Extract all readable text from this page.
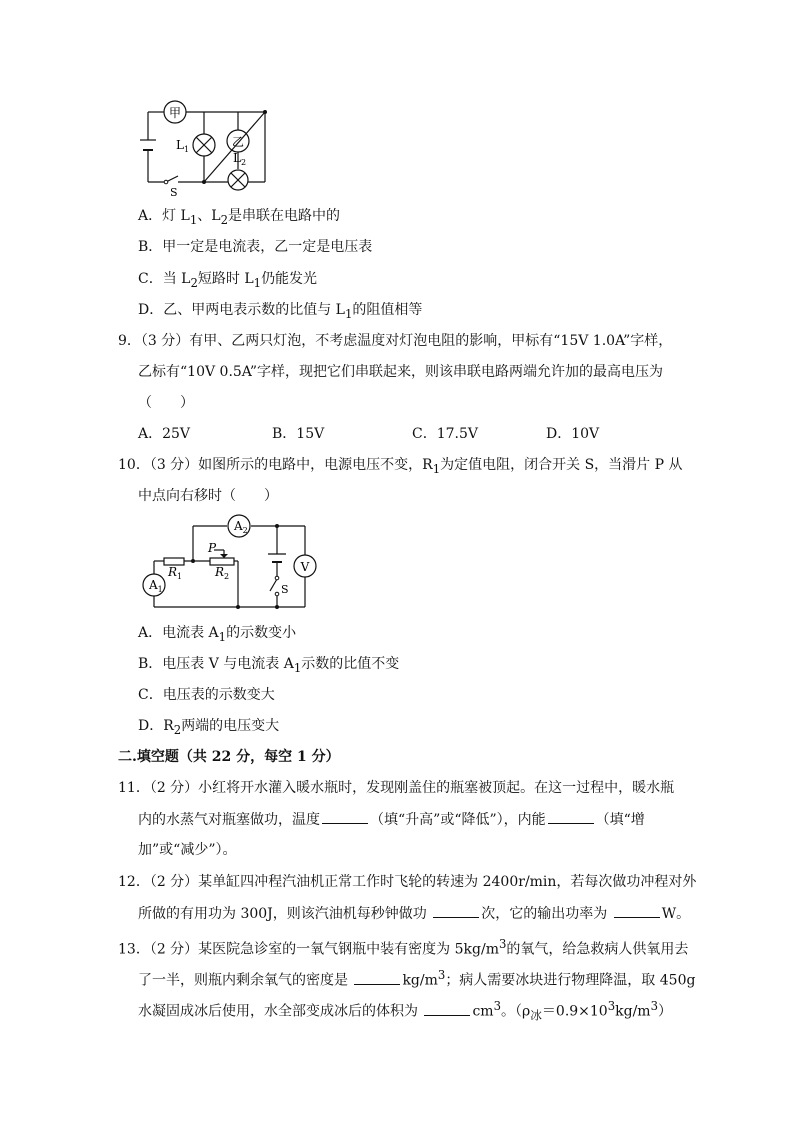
甲
乙
$L_1$
$L_2$
S
A．灯 $L_1$、$L_2$是串联在电路中的
B．甲一定是电流表，乙一定是电压表
C．当 $L_2$短路时 $L_1$仍能发光
D．乙、甲两电表示数的比值与 $L_1$的阻值相等
9．（3 分）有甲、乙两只灯泡，不考虑温度对灯泡电阻的影响，甲标有“15V 1.0A”字样，
乙标有“10V 0.5A”字样，现把它们串联起来，则该串联电路两端允许加的最高电压为
（　　）
A．25V	B．15V	C．17.5V	D．10V
10．（3 分）如图所示的电路中，电源电压不变，$R_1$为定值电阻，闭合开关 S，当滑片 P 从
中点向右移时（　　）
$A_2$
$A_1$
V
$R_1$	$R_2$
P
S
A．电流表 $A_1$的示数变小
B．电压表 V 与电流表 $A_1$示数的比值不变
C．电压表的示数变大
D．$R_2$两端的电压变大
二.填空题（共 22 分，每空 1 分）
11．（2 分）小红将开水灌入暖水瓶时，发现刚盖住的瓶塞被顶起。在这一过程中，暖水瓶
内的水蒸气对瓶塞做功，温度	（填“升高”或“降低”），内能	（填“增
加”或“减少”）。
12．（2 分）某单缸四冲程汽油机正常工作时飞轮的转速为 2400r/min，若每次做功冲程对外
所做的有用功为 300J，则该汽油机每秒钟做功	次，它的输出功率为	W。
13．（2 分）某医院急诊室的一氧气钢瓶中装有密度为 $5kg/m^3$的氧气，给急救病人供氧用去
了一半，则瓶内剩余氧气的密度是	$kg/m^3$；病人需要冰块进行物理降温，取 450g
水凝固成冰后使用，水全部变成冰后的体积为	$cm^3$。$(\rho_冰=0.9\times 10^3kg/m^3)$
